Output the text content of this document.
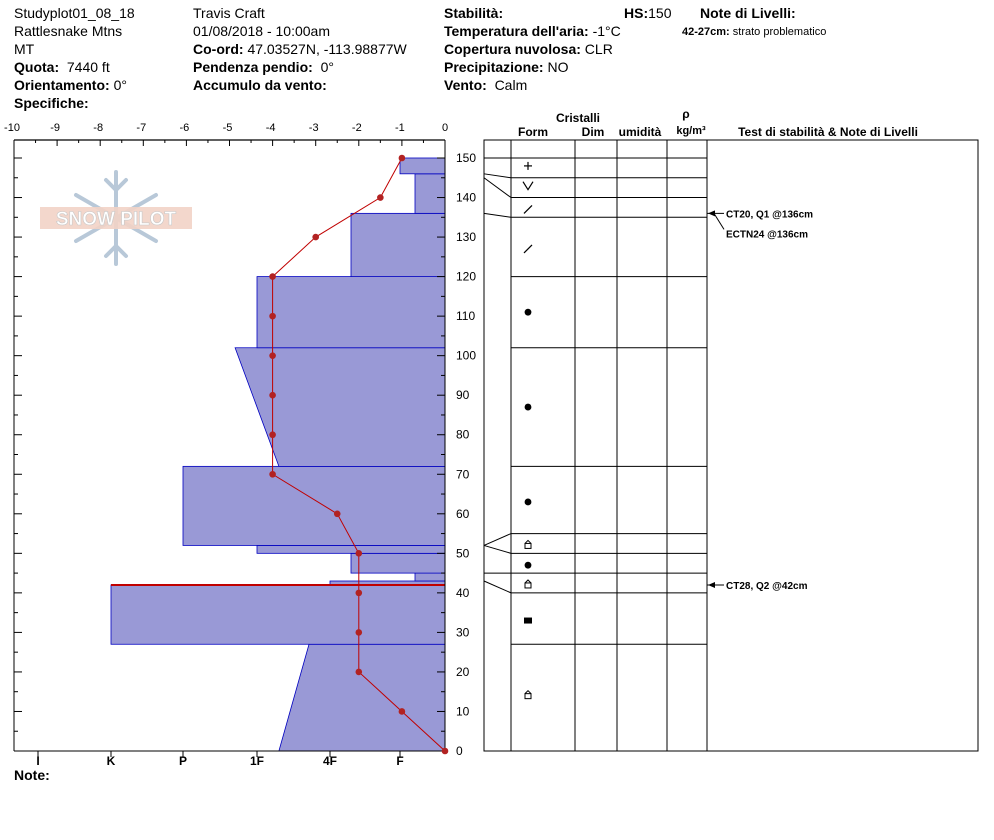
Studyplot01_08_18
Rattlesnake Mtns
MT
Quota: 7440 ft
Orientamento: 0°
Specifiche:
Travis Craft
01/08/2018 - 10:00am
Co-ord: 47.03527N, -113.98877W
Pendenza pendio: 0°
Accumulo da vento:
Stabilità:
Temperatura dell'aria: -1°C
Copertura nuvolosa: CLR
Precipitazione: NO
Vento: Calm
HS:150 Note di Livelli:
42-27cm: strato problematico
Note:
SNOW PILOT
-10	-9	-8	-7	-6	-5	-4	-3	-2	-1	0
0
10
20
30
40
50
60
70
80
90
100
110
120
130
140
150
I	K	P	1F	4F	F
Cristalli
Form	Dim umidità
ρ
kg/m³	Test di stabilità & Note di Livelli
CT20, Q1 @136cm
ECTN24 @136cm
CT28, Q2 @42cm
